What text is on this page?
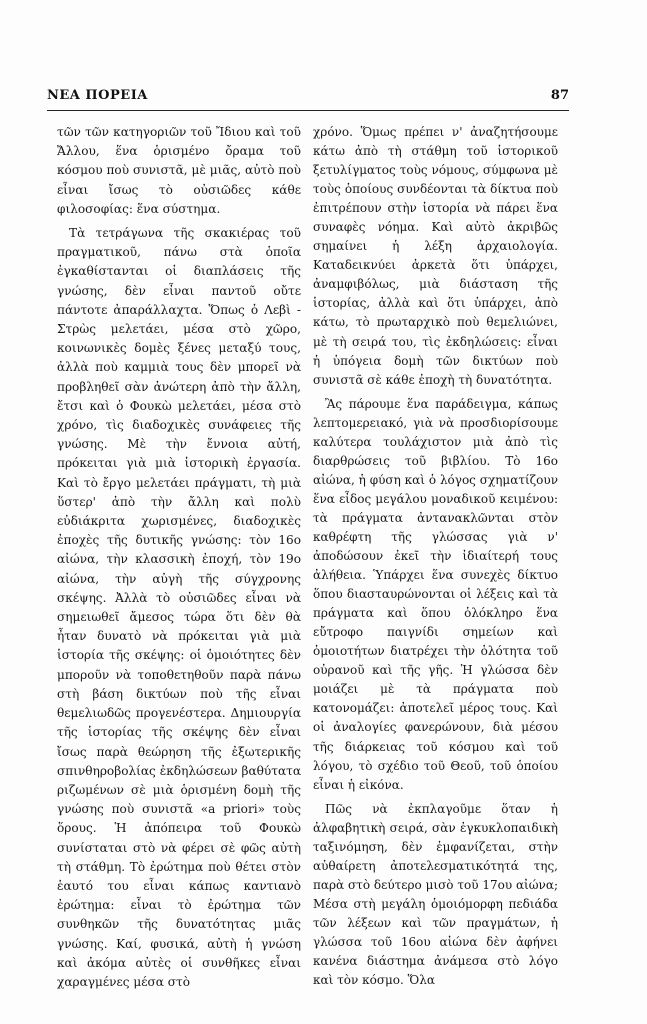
ΝΕΑ ΠΟΡΕΙΑ	87

τῶν τῶν κατηγοριῶν τοῦ Ἴδιου καὶ τοῦ Ἄλλου, ἕνα ὁρισμένο ὄραμα τοῦ κόσμου ποὺ συνιστᾶ, μὲ μιᾶς, αὐτὸ ποὺ εἶναι ἴσως τὸ οὐσιῶδες κάθε φιλοσοφίας: ἕνα σύστημα.

Τὰ τετράγωνα τῆς σκακιέρας τοῦ πραγματικοῦ, πάνω στὰ ὁποῖα ἐγκαθίστανται οἱ διαπλάσεις τῆς γνώσης, δὲν εἶναι παντοῦ οὔτε πάντοτε ἀπαράλλαχτα. Ὅπως ὁ Λεβὶ - Στρὼς μελετάει, μέσα στὸ χῶρο, κοινωνικὲς δομὲς ξένες μεταξύ τους, ἀλλὰ ποὺ καμμιὰ τους δὲν μπορεῖ νὰ προβληθεῖ σὰν ἀνώτερη ἀπὸ τὴν ἄλλη, ἔτσι καὶ ὁ Φουκὼ μελετάει, μέσα στὸ χρόνο, τὶς διαδοχικὲς συνάφειες τῆς γνώσης. Μὲ τὴν ἔννοια αὐτή, πρόκειται γιὰ μιὰ ἱστορικὴ ἐργασία. Καὶ τὸ ἔργο μελετάει πράγματι, τὴ μιὰ ὕστερ' ἀπὸ τὴν ἄλλη καὶ πολὺ εὐδιάκριτα χωρισμένες, διαδοχικὲς ἐποχὲς τῆς δυτικῆς γνώσης: τὸν 16ο αἰώνα, τὴν κλασσικὴ ἐποχή, τὸν 19ο αἰώνα, τὴν αὐγὴ τῆς σύγχρονης σκέψης. Ἀλλὰ τὸ οὐσιῶδες εἶναι νὰ σημειωθεῖ ἄμεσος τώρα ὅτι δὲν θὰ ἦταν δυνατὸ νὰ πρόκειται γιὰ μιὰ ἱστορία τῆς σκέψης: οἱ ὁμοιότητες δὲν μποροῦν νὰ τοποθετηθοῦν παρὰ πάνω στὴ βάση δικτύων ποὺ τῆς εἶναι θεμελιωδῶς προγενέστερα. Δημιουργία τῆς ἱστορίας τῆς σκέψης δὲν εἶναι ἴσως παρὰ θεώρηση τῆς ἐξωτερικῆς σπινθηροβολίας ἐκδηλώσεων βαθύτατα ριζωμένων σὲ μιὰ ὁρισμένη δομὴ τῆς γνώσης ποὺ συνιστᾶ «a priori» τοὺς ὅρους. Ἡ ἀπόπειρα τοῦ Φουκὼ συνίσταται στὸ νὰ φέρει σὲ φῶς αὐτὴ τὴ στάθμη. Τὸ ἐρώτημα ποὺ θέτει στὸν ἑαυτό του εἶναι κάπως καντιανὸ ἐρώτημα: εἶναι τὸ ἐρώτημα τῶν συνθηκῶν τῆς δυνατότητας μιᾶς γνώσης. Καί, φυσικά, αὐτὴ ἡ γνώση καὶ ἀκόμα αὐτὲς οἱ συνθῆκες εἶναι χαραγμένες μέσα στὸ

χρόνο. Ὅμως πρέπει ν' ἀναζητήσουμε κάτω ἀπὸ τὴ στάθμη τοῦ ἱστορικοῦ ξετυλίγματος τοὺς νόμους, σύμφωνα μὲ τοὺς ὁποίους συνδέονται τὰ δίκτυα ποὺ ἐπιτρέπουν στὴν ἱστορία νὰ πάρει ἕνα συναφὲς νόημα. Καὶ αὐτὸ ἀκριβῶς σημαίνει ἡ λέξη ἀρχαιολογία. Καταδεικνύει ἀρκετὰ ὅτι ὑπάρχει, ἀναμφιβόλως, μιὰ διάσταση τῆς ἱστορίας, ἀλλὰ καὶ ὅτι ὑπάρχει, ἀπὸ κάτω, τὸ πρωταρχικὸ ποὺ θεμελιώνει, μὲ τὴ σειρά του, τὶς ἐκδηλώσεις: εἶναι ἡ ὑπόγεια δομὴ τῶν δικτύων ποὺ συνιστᾶ σὲ κάθε ἐποχὴ τὴ δυνατότητα.

Ἂς πάρουμε ἕνα παράδειγμα, κάπως λεπτομερειακό, γιὰ νὰ προσδιορίσουμε καλύτερα τουλάχιστον μιὰ ἀπὸ τὶς διαρθρώσεις τοῦ βιβλίου. Τὸ 16ο αἰώνα, ἡ φύση καὶ ὁ λόγος σχηματίζουν ἕνα εἶδος μεγάλου μοναδικοῦ κειμένου: τὰ πράγματα ἀντανακλῶνται στὸν καθρέφτη τῆς γλώσσας γιὰ ν' ἀποδώσουν ἐκεῖ τὴν ἰδιαίτερή τους ἀλήθεια. Ὑπάρχει ἕνα συνεχὲς δίκτυο ὅπου διασταυρώνονται οἱ λέξεις καὶ τὰ πράγματα καὶ ὅπου ὁλόκληρο ἕνα εὔτροφο παιγνίδι σημείων καὶ ὁμοιοτήτων διατρέχει τὴν ὁλότητα τοῦ οὐρανοῦ καὶ τῆς γῆς. Ἡ γλώσσα δὲν μοιάζει μὲ τὰ πράγματα ποὺ κατονομάζει: ἀποτελεῖ μέρος τους. Καὶ οἱ ἀναλογίες φανερώνουν, διὰ μέσου τῆς διάρκειας τοῦ κόσμου καὶ τοῦ λόγου, τὸ σχέδιο τοῦ Θεοῦ, τοῦ ὁποίου εἶναι ἡ εἰκόνα.

Πῶς νὰ ἐκπλαγοῦμε ὅταν ἡ ἀλφαβητικὴ σειρά, σὰν ἐγκυκλοπαιδικὴ ταξινόμηση, δὲν ἐμφανίζεται, στὴν αὐθαίρετη ἀποτελεσματικότητά της, παρὰ στὸ δεύτερο μισὸ τοῦ 17ου αἰώνα; Μέσα στὴ μεγάλη ὁμοιόμορφη πεδιάδα τῶν λέξεων καὶ τῶν πραγμάτων, ἡ γλώσσα τοῦ 16ου αἰώνα δὲν ἀφήνει κανένα διάστημα ἀνάμεσα στὸ λόγο καὶ τὸν κόσμο. Ὅλα
